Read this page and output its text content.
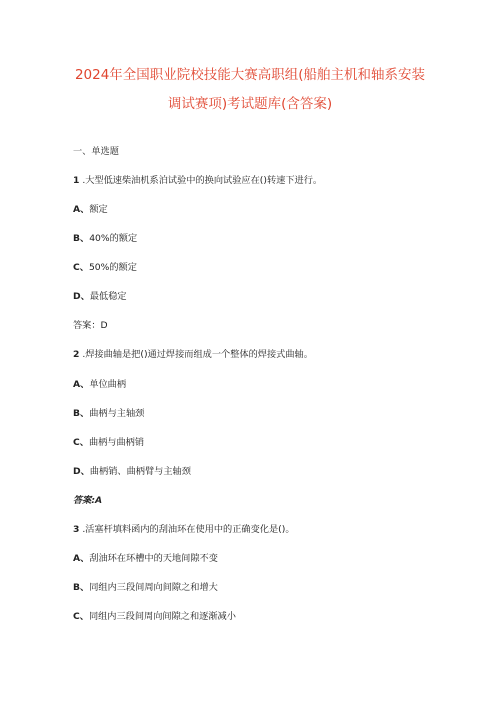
2024年全国职业院校技能大赛高职组(船舶主机和轴系安装
调试赛项)考试题库(含答案)
一、单选题
1 .大型低速柴油机系泊试验中的换向试验应在()转速下进行。
A、额定
B、40%的额定
C、50%的额定
D、最低稳定
答案：D
2 .焊接曲轴是把()通过焊接而组成一个整体的焊接式曲轴。
A、单位曲柄
B、曲柄与主轴颈
C、曲柄与曲柄销
D、曲柄销、曲柄臂与主轴颈
答案:A
3 .活塞杆填料函内的刮油环在使用中的正确变化是()。
A、刮油环在环槽中的天地间隙不变
B、同组内三段间周向间隙之和增大
C、同组内三段间周向间隙之和逐渐减小
